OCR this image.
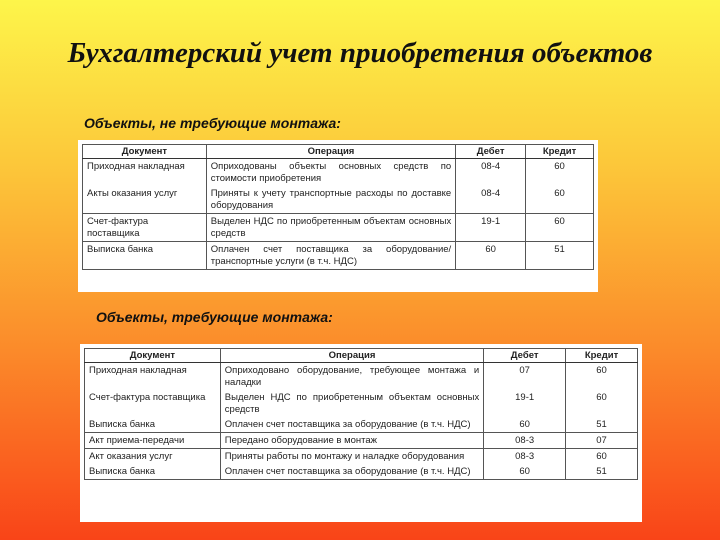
Бухгалтерский учет приобретения объектов
Объекты, не требующие монтажа:
Документ	Операция	Дебет	Кредит
Приходная накладная	Оприходованы объекты основных средств по стоимости приобретения	08-4	60
Акты оказания услуг	Приняты к учету транспортные расходы по доставке оборудования	08-4	60
Счет-фактура поставщика	Выделен НДС по приобретенным объектам основных средств	19-1	60
Выписка банка	Оплачен счет поставщика за оборудование/транспортные услуги (в т.ч. НДС)	60	51
Объекты, требующие монтажа:
Документ	Операция	Дебет	Кредит
Приходная накладная	Оприходовано оборудование, требующее монтажа и наладки	07	60
Счет-фактура поставщика	Выделен НДС по приобретенным объектам основных средств	19-1	60
Выписка банка	Оплачен счет поставщика за оборудование (в т.ч. НДС)	60	51
Акт приема-передачи	Передано оборудование в монтаж	08-3	07
Акт оказания услуг	Приняты работы по монтажу и наладке оборудования	08-3	60
Выписка банка	Оплачен счет поставщика за оборудование (в т.ч. НДС)	60	51
